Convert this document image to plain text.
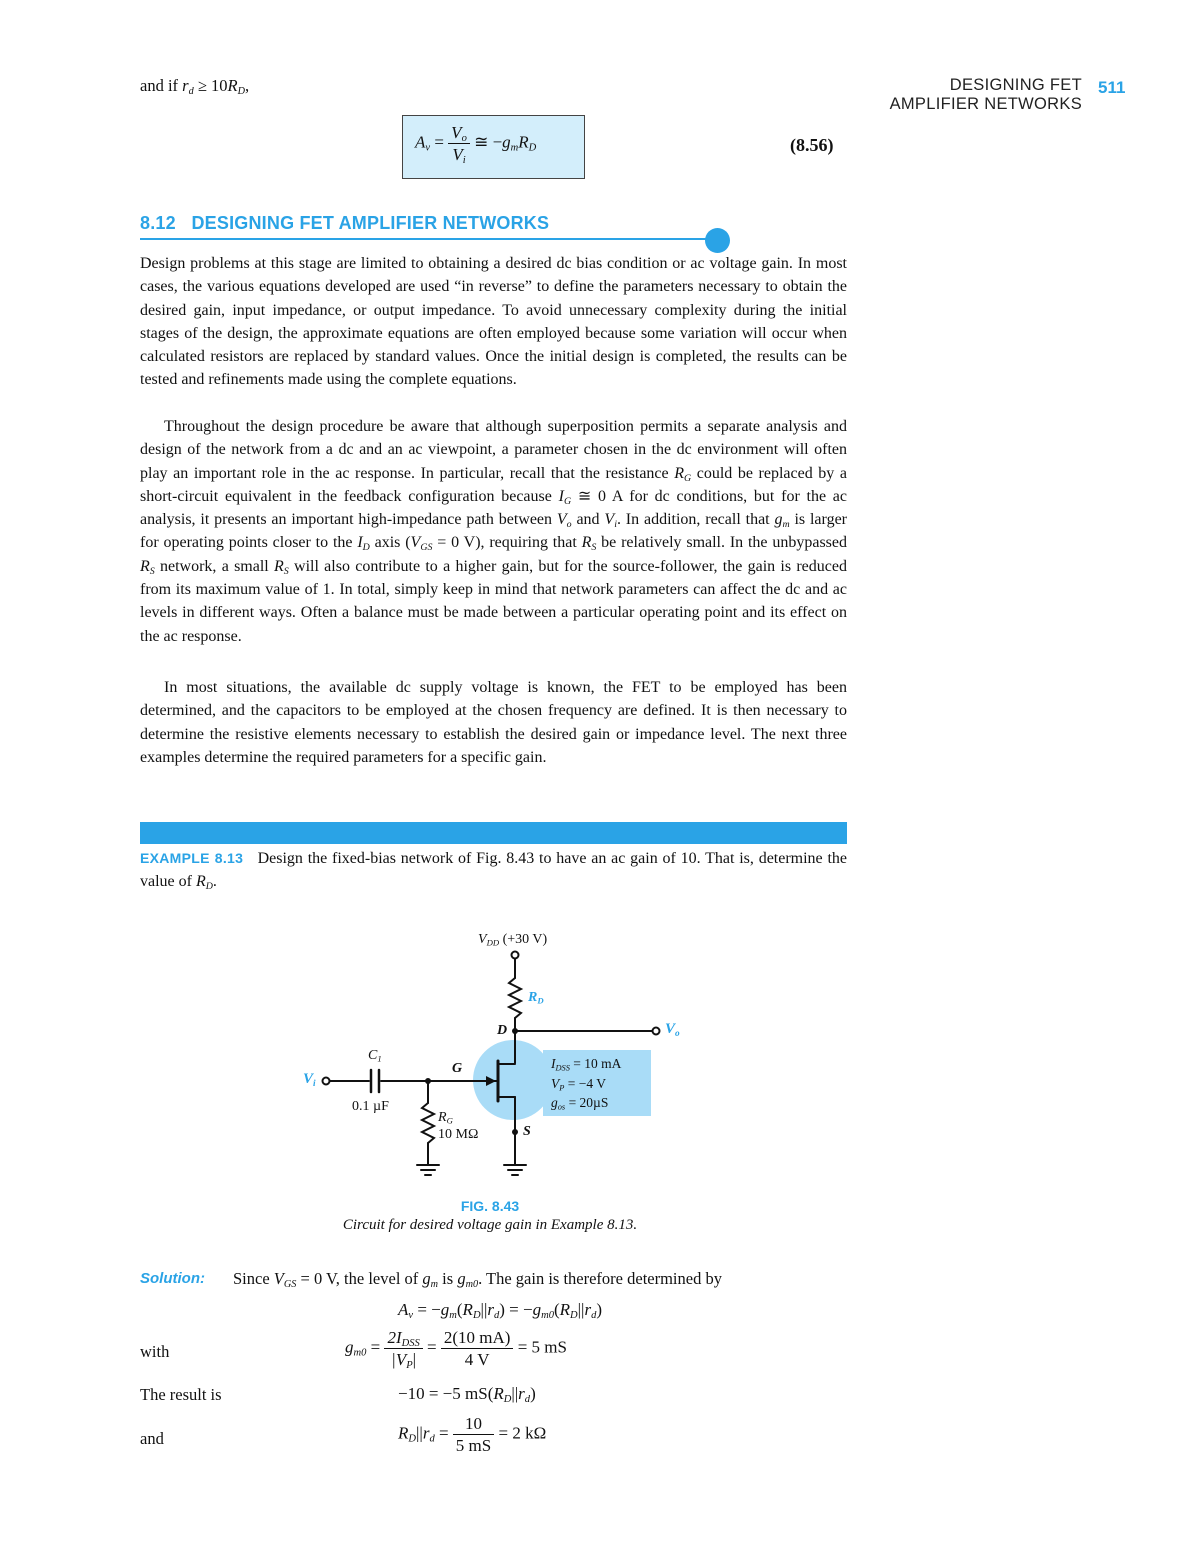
DESIGNING FET
AMPLIFIER NETWORKS
511
and if $r_d \ge 10R_D$,
$A_v = \frac{V_o}{V_i}$ ≅ $-g_mR_D$	(8.56)
8.12 DESIGNING FET AMPLIFIER NETWORKS

Design problems at this stage are limited to obtaining a desired dc bias condition or ac voltage gain. In most cases, the various equations developed are used “in reverse” to define the parameters necessary to obtain the desired gain, input impedance, or output impedance. To avoid unnecessary complexity during the initial stages of the design, the approximate equations are often employed because some variation will occur when calculated resistors are replaced by standard values. Once the initial design is completed, the results can be tested and refinements made using the complete equations.

Throughout the design procedure be aware that although superposition permits a separate analysis and design of the network from a dc and an ac viewpoint, a parameter chosen in the dc environment will often play an important role in the ac response. In particular, recall that the resistance $R_G$ could be replaced by a short-circuit equivalent in the feedback configuration because $I_G$ ≅ 0 A for dc conditions, but for the ac analysis, it presents an important high-impedance path between $V_o$ and $V_i$. In addition, recall that $g_m$ is larger for operating points closer to the $I_D$ axis ($V_{GS} = 0$ V), requiring that $R_S$ be relatively small. In the unbypassed $R_S$ network, a small $R_S$ will also contribute to a higher gain, but for the source-follower, the gain is reduced from its maximum value of 1. In total, simply keep in mind that network parameters can affect the dc and ac levels in different ways. Often a balance must be made between a particular operating point and its effect on the ac response.

In most situations, the available dc supply voltage is known, the FET to be employed has been determined, and the capacitors to be employed at the chosen frequency are defined. It is then necessary to determine the resistive elements necessary to establish the desired gain or impedance level. The next three examples determine the required parameters for a specific gain.

EXAMPLE 8.13 Design the fixed-bias network of Fig. 8.43 to have an ac gain of 10. That is, determine the value of $R_D$.

$V_{DD}$ (+30 V)
$R_D$
D
G
S
$V_o$
$V_i$
$C_1$
0.1 µF
$R_G$
10 MΩ
$I_{DSS} = 10$ mA
$V_P = -4$ V
$g_{os} = 20\mu S$
FIG. 8.43
Circuit for desired voltage gain in Example 8.13.
Solution: Since $V_{GS} = 0$ V, the level of $g_m$ is $g_{m0}$. The gain is therefore determined by
$A_v = -g_m(R_D||r_d) = -g_{m0}(R_D||r_d)$
with	$g_{m0} = \frac{2I_{DSS}}{|V_P|} = \frac{2(10 mA)}{4 V} = 5$ mS
The result is	−10 = −5 $mS(R_D||r_d)$
and	$R_D||r_d = \frac{10}{5 mS} = 2$ kΩ
